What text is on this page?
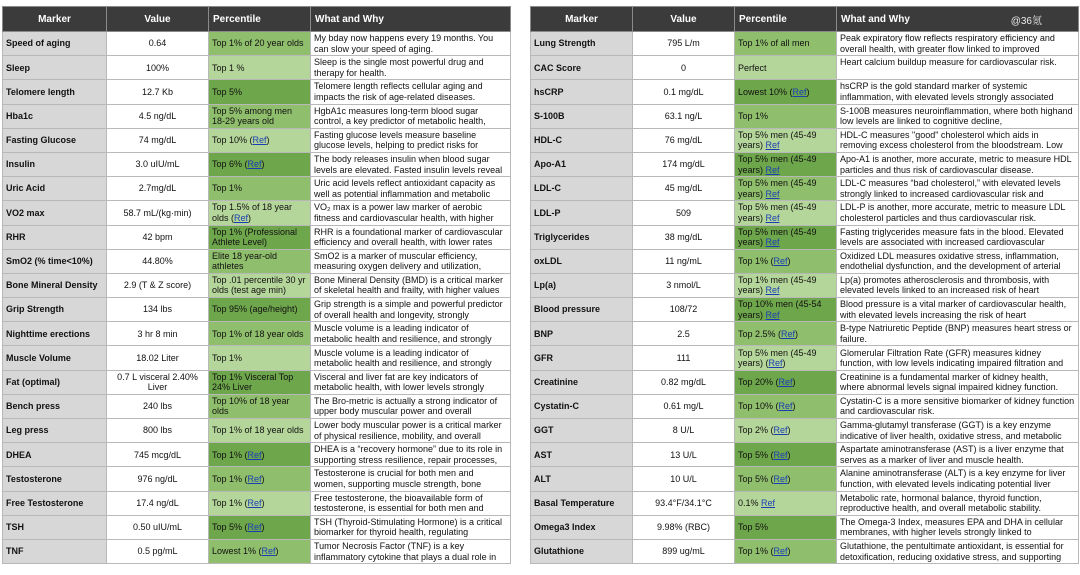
Marker	Value	Percentile	What and Why
Speed of aging	0.64	Top 1% of 20 year olds	My bday now happens every 19 months. You can slow your speed of aging.

Sleep	100%	Top 1 %	Sleep is the single most powerful drug and therapy for health.

Telomere length	12.7 Kb	Top 5%	Telomere length reflects cellular aging and impacts the risk of age-related diseases.

Hba1c	4.5 ng/dL	Top 5% among men 18-29 years old	HgbA1c measures long-term blood sugar control, a key predictor of metabolic health,

Fasting Glucose	74 mg/dL	Top 10% (Ref)	Fasting glucose levels measure baseline glucose levels, helping to predict risks for

Insulin	3.0 uIU/mL	Top 6% (Ref)	The body releases insulin when blood sugar levels are elevated. Fasted insulin levels reveal

Uric Acid	2.7mg/dL	Top 1%	Uric acid levels reflect antioxidant capacity as well as potential inflammation and metabolic

VO2 max	58.7 mL/(kg·min)	Top 1.5% of 18 year olds (Ref)	VO₂ max is a power law marker of aerobic fitness and cardiovascular health, with higher

RHR	42 bpm	Top 1% (Professional Athlete Level)	RHR is a foundational marker of cardiovascular efficiency and overall health, with lower rates

SmO2 (% time<10%)	44.80%	Elite 18 year-old athletes	SmO2 is a marker of muscular efficiency, measuring oxygen delivery and utilization,

Bone Mineral Density	2.9 (T & Z score)	Top .01 percentile 30 yr olds (test age min)	Bone Mineral Density (BMD) is a critical marker of skeletal health and frailty, with higher values

Grip Strength	134 lbs	Top 95% (age/height)	Grip strength is a simple and powerful predictor of overall health and longevity, strongly

Nighttime erections	3 hr 8 min	Top 1% of 18 year olds	Muscle volume is a leading indicator of metabolic health and resilience, and strongly

Muscle Volume	18.02 Liter	Top 1%	Muscle volume is a leading indicator of metabolic health and resilience, and strongly

Fat (optimal)	0.7 L visceral 2.40% Liver	Top 1% Visceral Top 24% Liver	Visceral and liver fat are key indicators of metabolic health, with lower levels strongly

Bench press	240 lbs	Top 10% of 18 year olds	The Bro-metric is actually a strong indicator of upper body muscular power and overall

Leg press	800 lbs	Top 1% of 18 year olds	Lower body muscular power is a critical marker of physical resilience, mobility, and overall

DHEA	745 mcg/dL	Top 1% (Ref)	DHEA is a “recovery hormone” due to its role in supporting stress resilience, repair processes,

Testosterone	976 ng/dL	Top 1% (Ref)	Testosterone is crucial for both men and women, supporting muscle strength, bone

Free Testosterone	17.4 ng/dL	Top 1% (Ref)	Free testosterone, the bioavailable form of testosterone, is essential for both men and

TSH	0.50 uIU/mL	Top 5% (Ref)	TSH (Thyroid-Stimulating Hormone) is a critical biomarker for thyroid health, regulating

TNF	0.5 pg/mL	Lowest 1% (Ref)	Tumor Necrosis Factor (TNF) is a key inflammatory cytokine that plays a dual role in
Marker	Value	Percentile	What and Why
Lung Strength	795 L/m	Top 1% of all men	Peak expiratory flow reflects respiratory efficiency and overall health, with greater flow linked to improved

CAC Score	0	Perfect	Heart calcium buildup measure for cardiovascular risk.

hsCRP	0.1 mg/dL	Lowest 10% (Ref)	hsCRP is the gold standard marker of systemic inflammation, with elevated levels strongly associated

S-100B	63.1 ng/L	Top 1%	S-100B measures neuroinflammation, where both highand low levels are linked to cognitive decline,

HDL-C	76 mg/dL	Top 5% men (45-49 years) Ref	HDL-C measures "good" cholesterol which aids in removing excess cholesterol from the bloodstream. Low

Apo-A1	174 mg/dL	Top 5% men (45-49 years) Ref	Apo-A1 is another, more accurate, metric to measure HDL particles and thus risk of cardiovascular disease.

LDL-C	45 mg/dL	Top 5% men (45-49 years) Ref	LDL-C measures “bad cholesterol,” with elevated levels strongly linked to increased cardiovascular risk and

LDL-P	509	Top 5% men (45-49 years) Ref	LDL-P is another, more accurate, metric to measure LDL cholesterol particles and thus cardiovascular risk.

Triglycerides	38 mg/dL	Top 5% men (45-49 years) Ref	Fasting triglycerides measure fats in the blood. Elevated levels are associated with increased cardiovascular

oxLDL	11 ng/mL	Top 1% (Ref)	Oxidized LDL measures oxidative stress, inflammation, endothelial dysfunction, and the development of arterial

Lp(a)	3 nmol/L	Top 1% men (45-49 years) Ref	Lp(a) promotes atherosclerosis and thrombosis, with elevated levels linked to an increased risk of heart

Blood pressure	108/72	Top 10% men (45-54 years) Ref	Blood pressure is a vital marker of cardiovascular health, with elevated levels increasing the risk of heart

BNP	2.5	Top 2.5% (Ref)	B-type Natriuretic Peptide (BNP) measures heart stress or failure.

GFR	111	Top 5% men (45-49 years) (Ref)	Glomerular Filtration Rate (GFR) measures kidney function, with low levels indicating impaired filtration and

Creatinine	0.82 mg/dL	Top 20% (Ref)	Creatinine is a fundamental marker of kidney health, where abnormal levels signal impaired kidney function.

Cystatin-C	0.61 mg/L	Top 10% (Ref)	Cystatin-C is a more sensitive biomarker of kidney function and cardiovascular risk.

GGT	8 U/L	Top 2% (Ref)	Gamma-glutamyl transferase (GGT) is a key enzyme indicative of liver health, oxidative stress, and metabolic

AST	13 U/L	Top 5% (Ref)	Aspartate aminotransferase (AST) is a liver enzyme that serves as a marker of liver and muscle health.

ALT	10 U/L	Top 5% (Ref)	Alanine aminotransferase (ALT) is a key enzyme for liver function, with elevated levels indicating potential liver

Basal Temperature	93.4°F/34.1°C	0.1% Ref	Metabolic rate, hormonal balance, thyroid function, reproductive health, and overall metabolic stability.

Omega3 Index	9.98% (RBC)	Top 5%	The Omega-3 Index, measures EPA and DHA in cellular membranes, with higher levels strongly linked to

Glutathione	899 ug/mL	Top 1% (Ref)	Glutathione, the pentultimate antioxidant, is essential for detoxification, reducing oxidative stress, and supporting
@36氪
